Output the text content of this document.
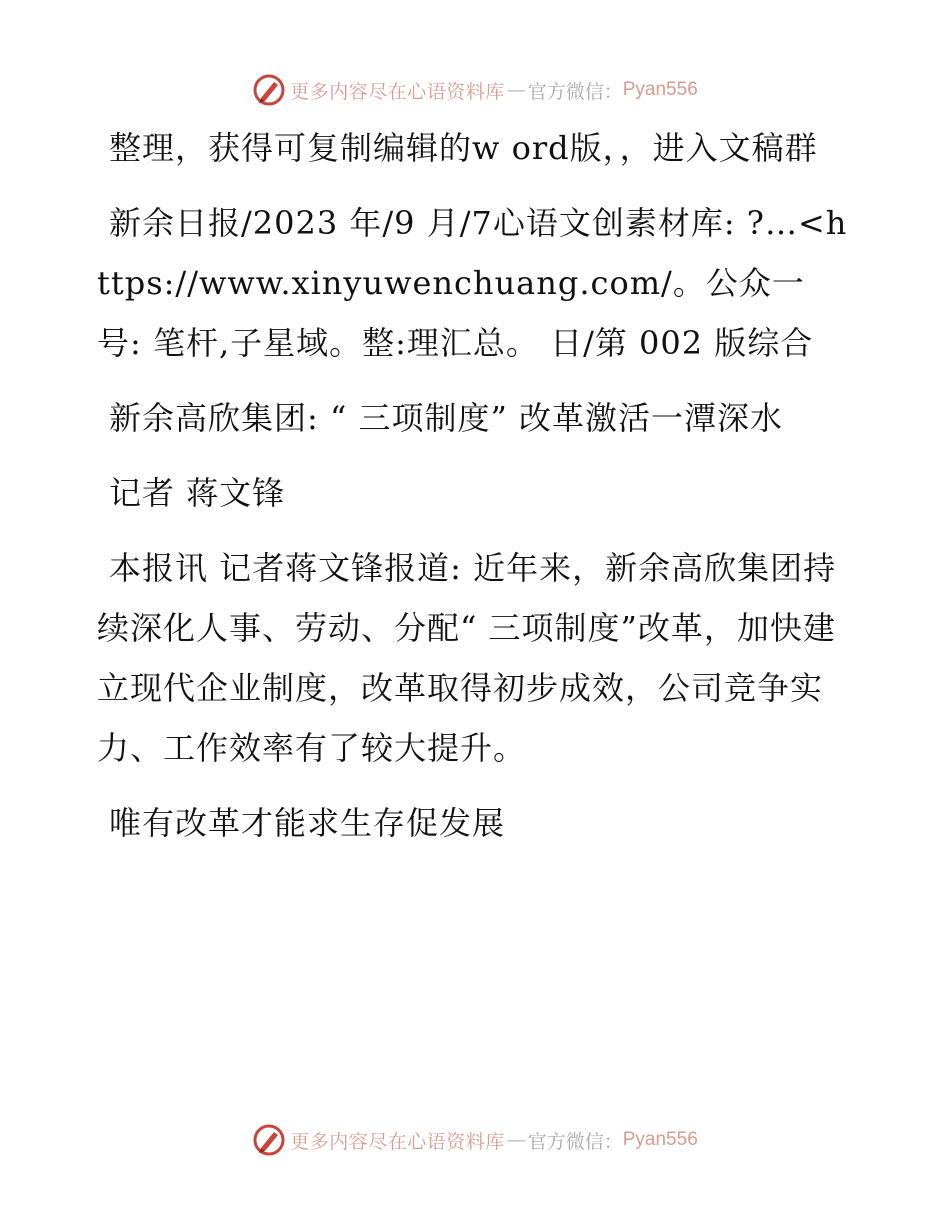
更多内容尽在心语资料库 — 官方微信： Pyan556

整理，获得可复制编辑的w ord版，，进入文稿群

新余日报/2023 年/9 月/7心语文创素材库: ?…<https://www.xinyuwenchuang.com/。公众一号: 笔杆,子星域。整:理汇总。 日/第 002 版综合

新余高欣集团: “ 三项制度” 改革激活一潭深水

记者 蒋文锋

本报讯 记者蒋文锋报道: 近年来，新余高欣集团持续深化人事、劳动、分配“ 三项制度”改革，加快建立现代企业制度，改革取得初步成效，公司竞争实力、工作效率有了较大提升。

唯有改革才能求生存促发展

更多内容尽在心语资料库 — 官方微信： Pyan556
